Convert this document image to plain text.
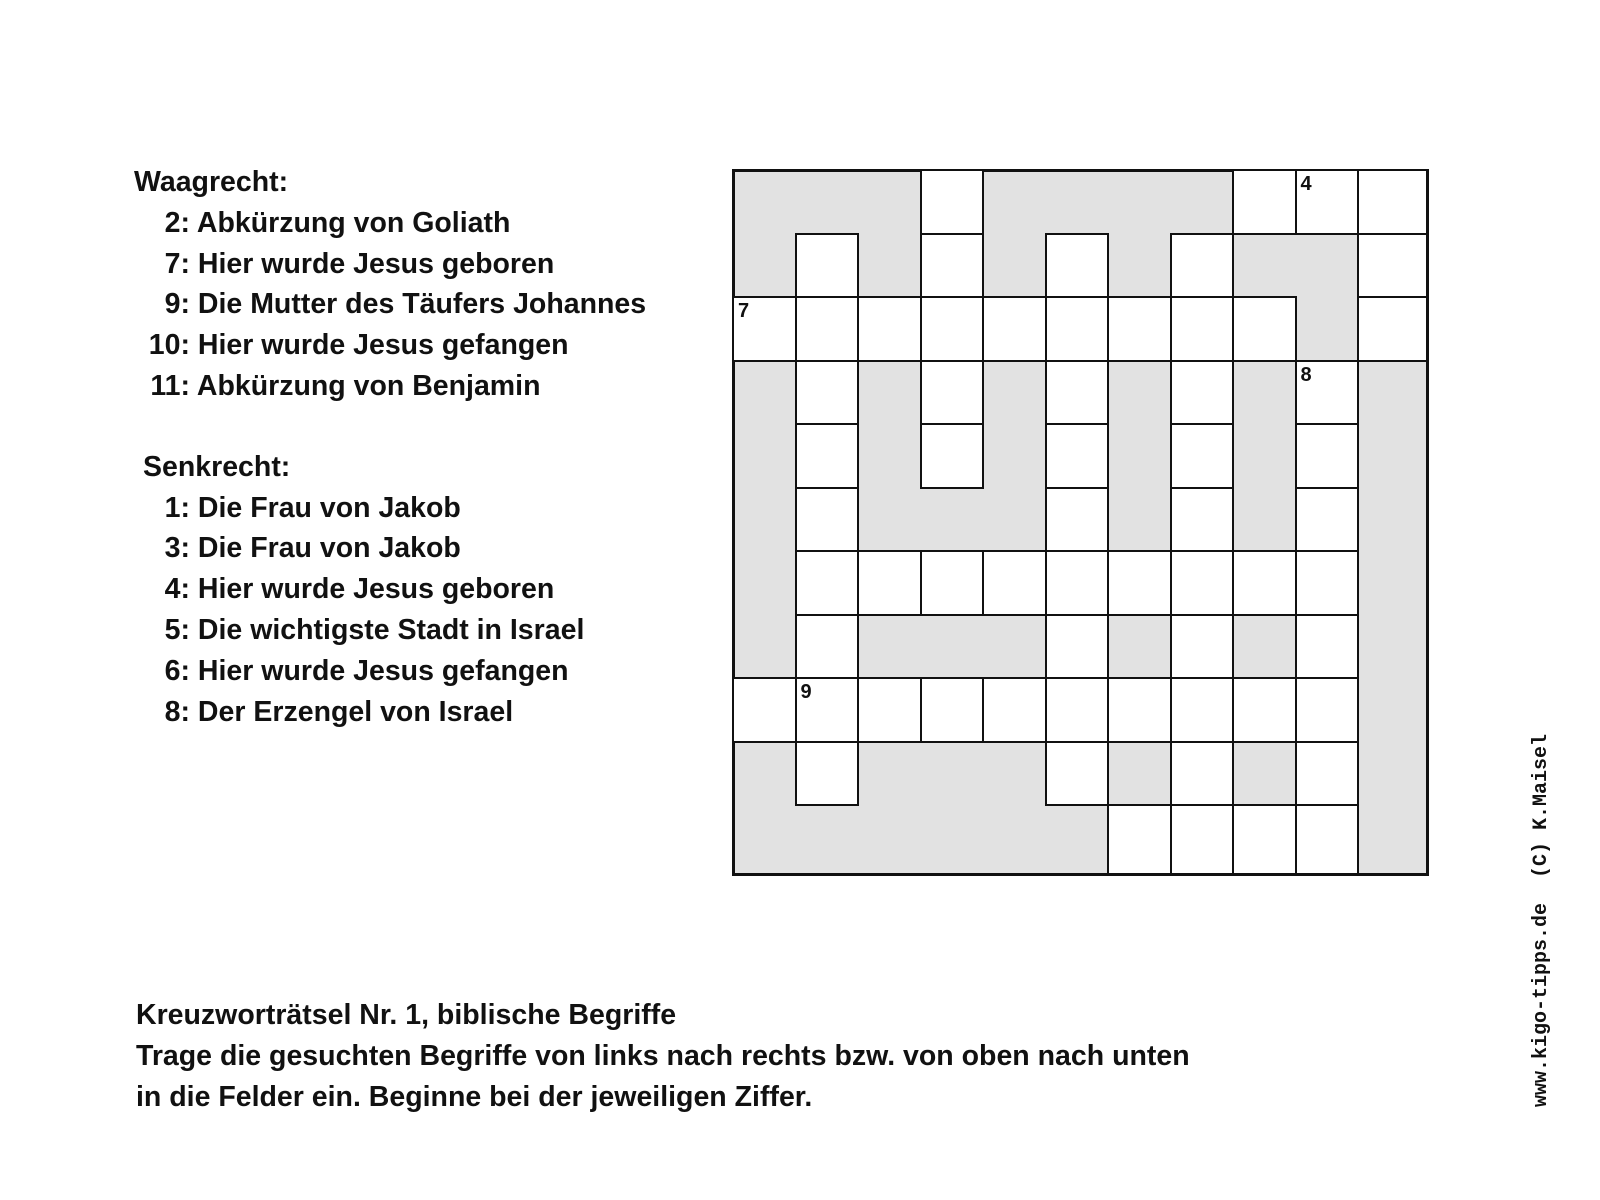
Waagrecht:
2: Abkürzung von Goliath
7: Hier wurde Jesus geboren
9: Die Mutter des Täufers Johannes
10: Hier wurde Jesus gefangen
11: Abkürzung von Benjamin
Senkrecht:
1: Die Frau von Jakob
3: Die Frau von Jakob
4: Hier wurde Jesus geboren
5: Die wichtigste Stadt in Israel
6: Hier wurde Jesus gefangen
8: Der Erzengel von Israel
4
7
8
9
Kreuzworträtsel Nr. 1, biblische Begriffe
Trage die gesuchten Begriffe von links nach rechts bzw. von oben nach unten
in die Felder ein. Beginne bei der jeweiligen Ziffer.
(C) K.Maisel
www.kigo-tipps.de
